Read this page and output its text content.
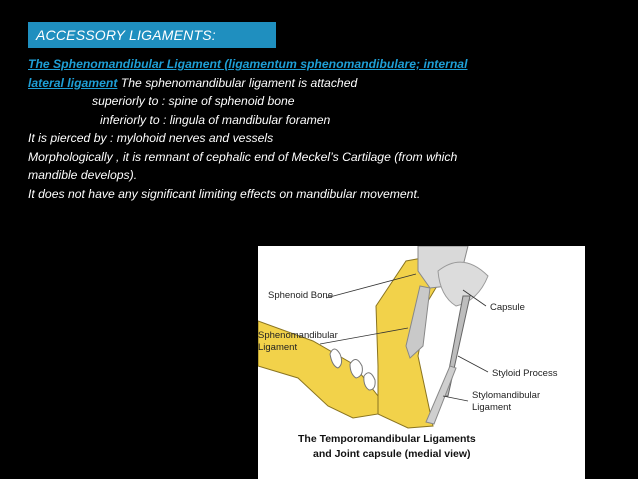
ACCESSORY LIGAMENTS:
The Sphenomandibular Ligament (ligamentum sphenomandibulare; internal
lateral ligament The sphenomandibular ligament is attached
superiorly to : spine of sphenoid bone
inferiorly to : lingula of mandibular foramen
It is pierced by : mylohoid nerves and vessels
Morphologically , it is remnant of cephalic end of Meckel’s Cartilage (from which
mandible develops).
It does not have any significant limiting effects on mandibular movement.
Sphenoid Bone
Capsule
Sphenomandibular
Ligament
Styloid Process
Stylomandibular
Ligament
The Temporomandibular Ligaments
and Joint capsule (medial view)
